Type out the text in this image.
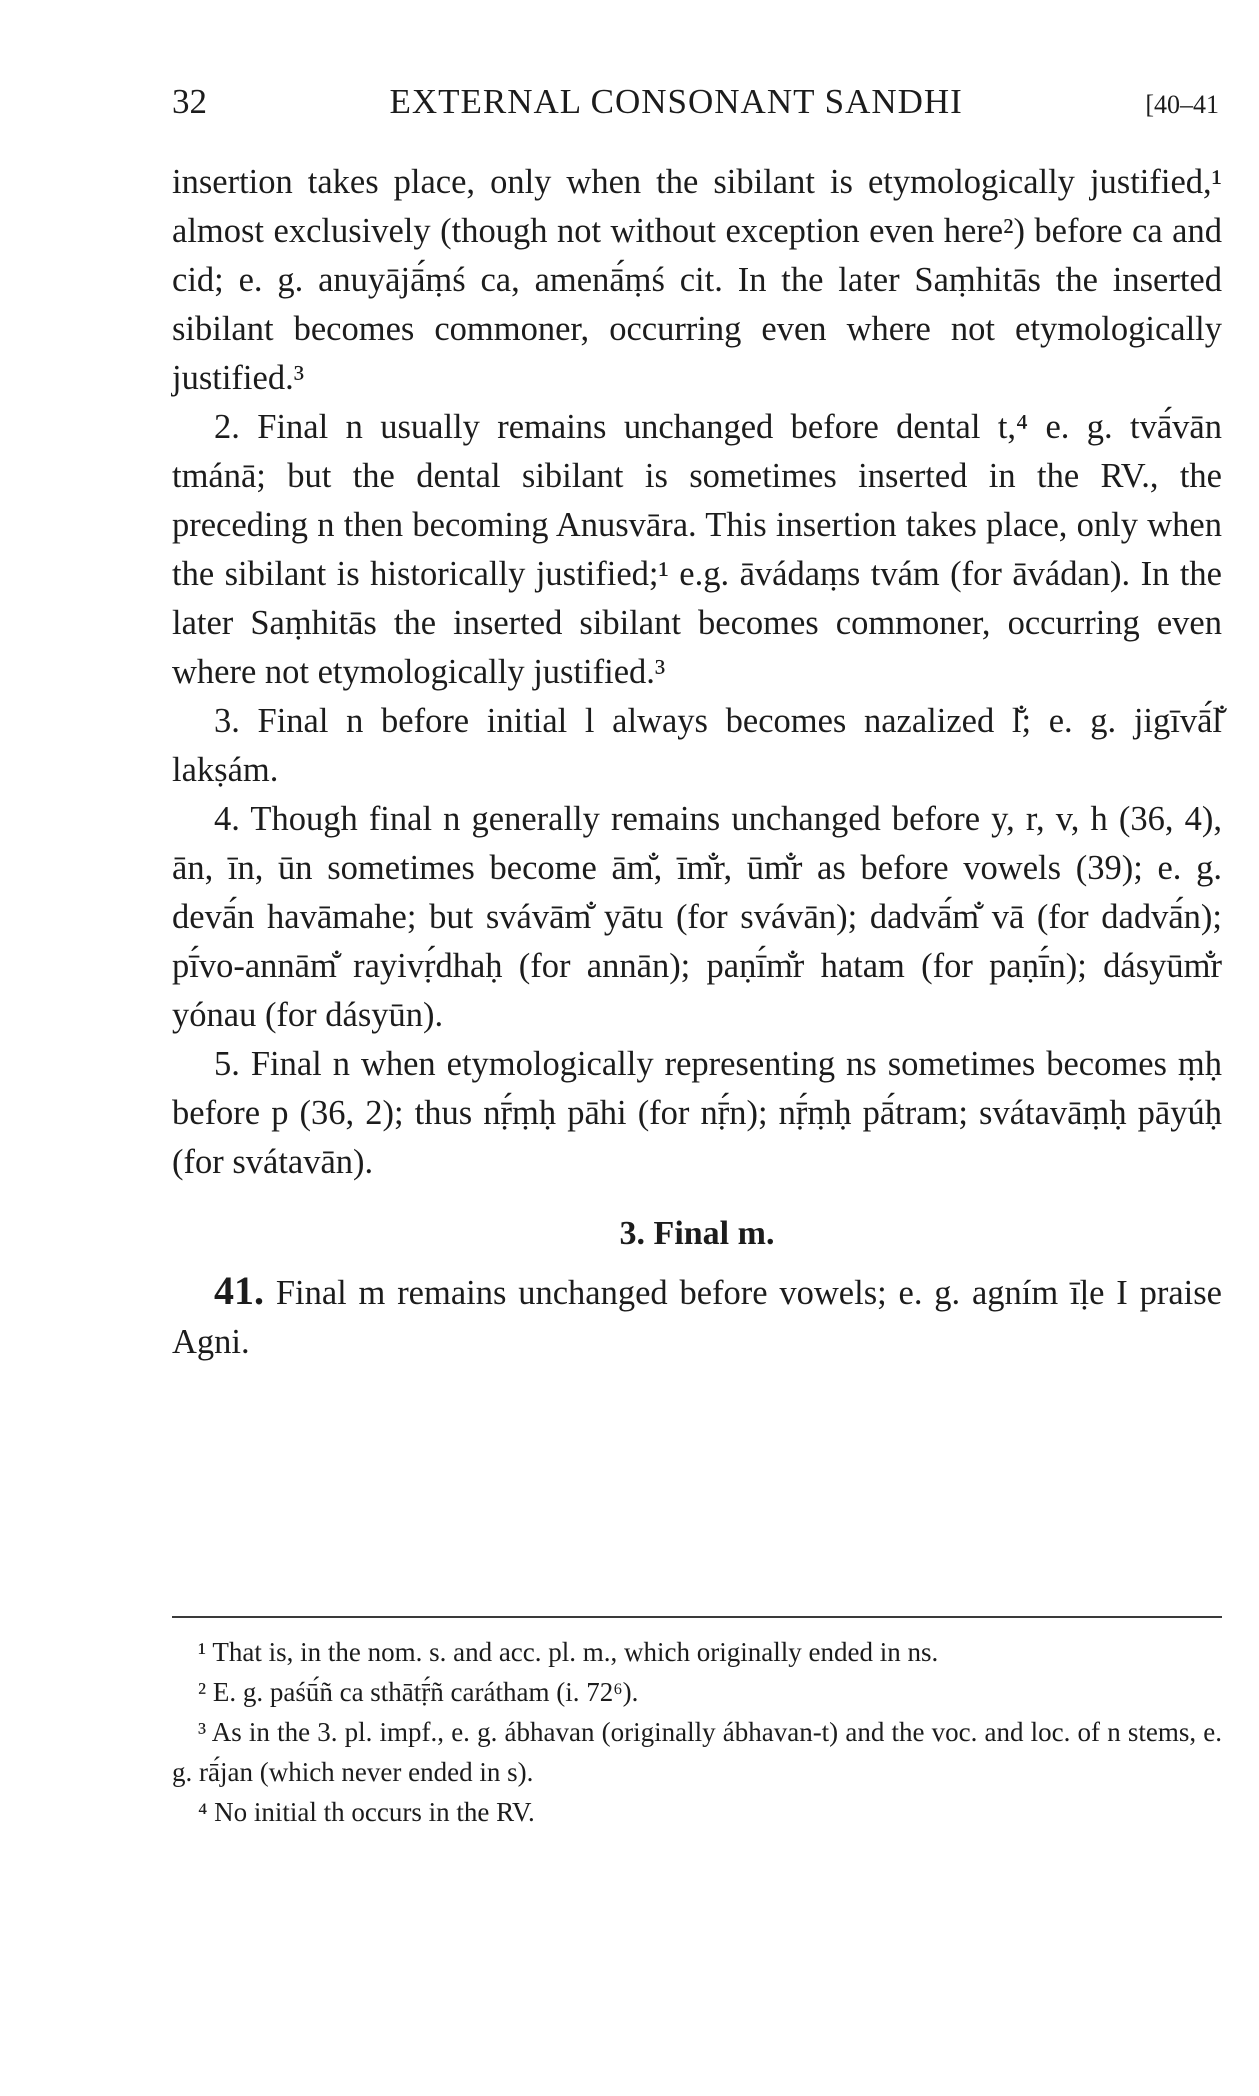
32	EXTERNAL CONSONANT SANDHI	[40–41

insertion takes place, only when the sibilant is etymologically justified,¹ almost exclusively (though not without exception even here²) before ca and cid; e. g. anuyājā́ṃś ca, amenā́ṃś cit. In the later Saṃhitās the inserted sibilant becomes commoner, occurring even where not etymologically justified.³

2. Final n usually remains unchanged before dental t,⁴ e. g. tvā́vān tmánā; but the dental sibilant is sometimes inserted in the RV., the preceding n then becoming Anusvāra. This insertion takes place, only when the sibilant is historically justified;¹ e.g. āvádaṃs tvám (for āvádan). In the later Saṃhitās the inserted sibilant becomes commoner, occurring even where not etymologically justified.³

3. Final n before initial l always becomes nazalized l̐; e. g. jigīvā́l̐ lakṣám.

4. Though final n generally remains unchanged before y, r, v, h (36, 4), ān, īn, ūn sometimes become ām̐, īm̐r, ūm̐r as before vowels (39); e. g. devā́n havāmahe; but svávām̐ yātu (for svávān); dadvā́m̐ vā (for dadvā́n); pī́vo-annām̐ rayivṛ́dhaḥ (for annān); paṇī́m̐r hatam (for paṇī́n); dásyūm̐r yónau (for dásyūn).

5. Final n when etymologically representing ns sometimes becomes ṃḥ before p (36, 2); thus nṝ́ṃḥ pāhi (for nṝ́n); nṝ́ṃḥ pā́tram; svátavāṃḥ pāyúḥ (for svátavān).

3. Final m.

41. Final m remains unchanged before vowels; e. g. agním īḷe I praise Agni.

¹ That is, in the nom. s. and acc. pl. m., which originally ended in ns.

² E. g. paśū́ñ ca sthātṝ́ñ carátham (i. 72⁶).

³ As in the 3. pl. impf., e. g. ábhavan (originally ábhavan-t) and the voc. and loc. of n stems, e. g. rā́jan (which never ended in s).

⁴ No initial th occurs in the RV.
